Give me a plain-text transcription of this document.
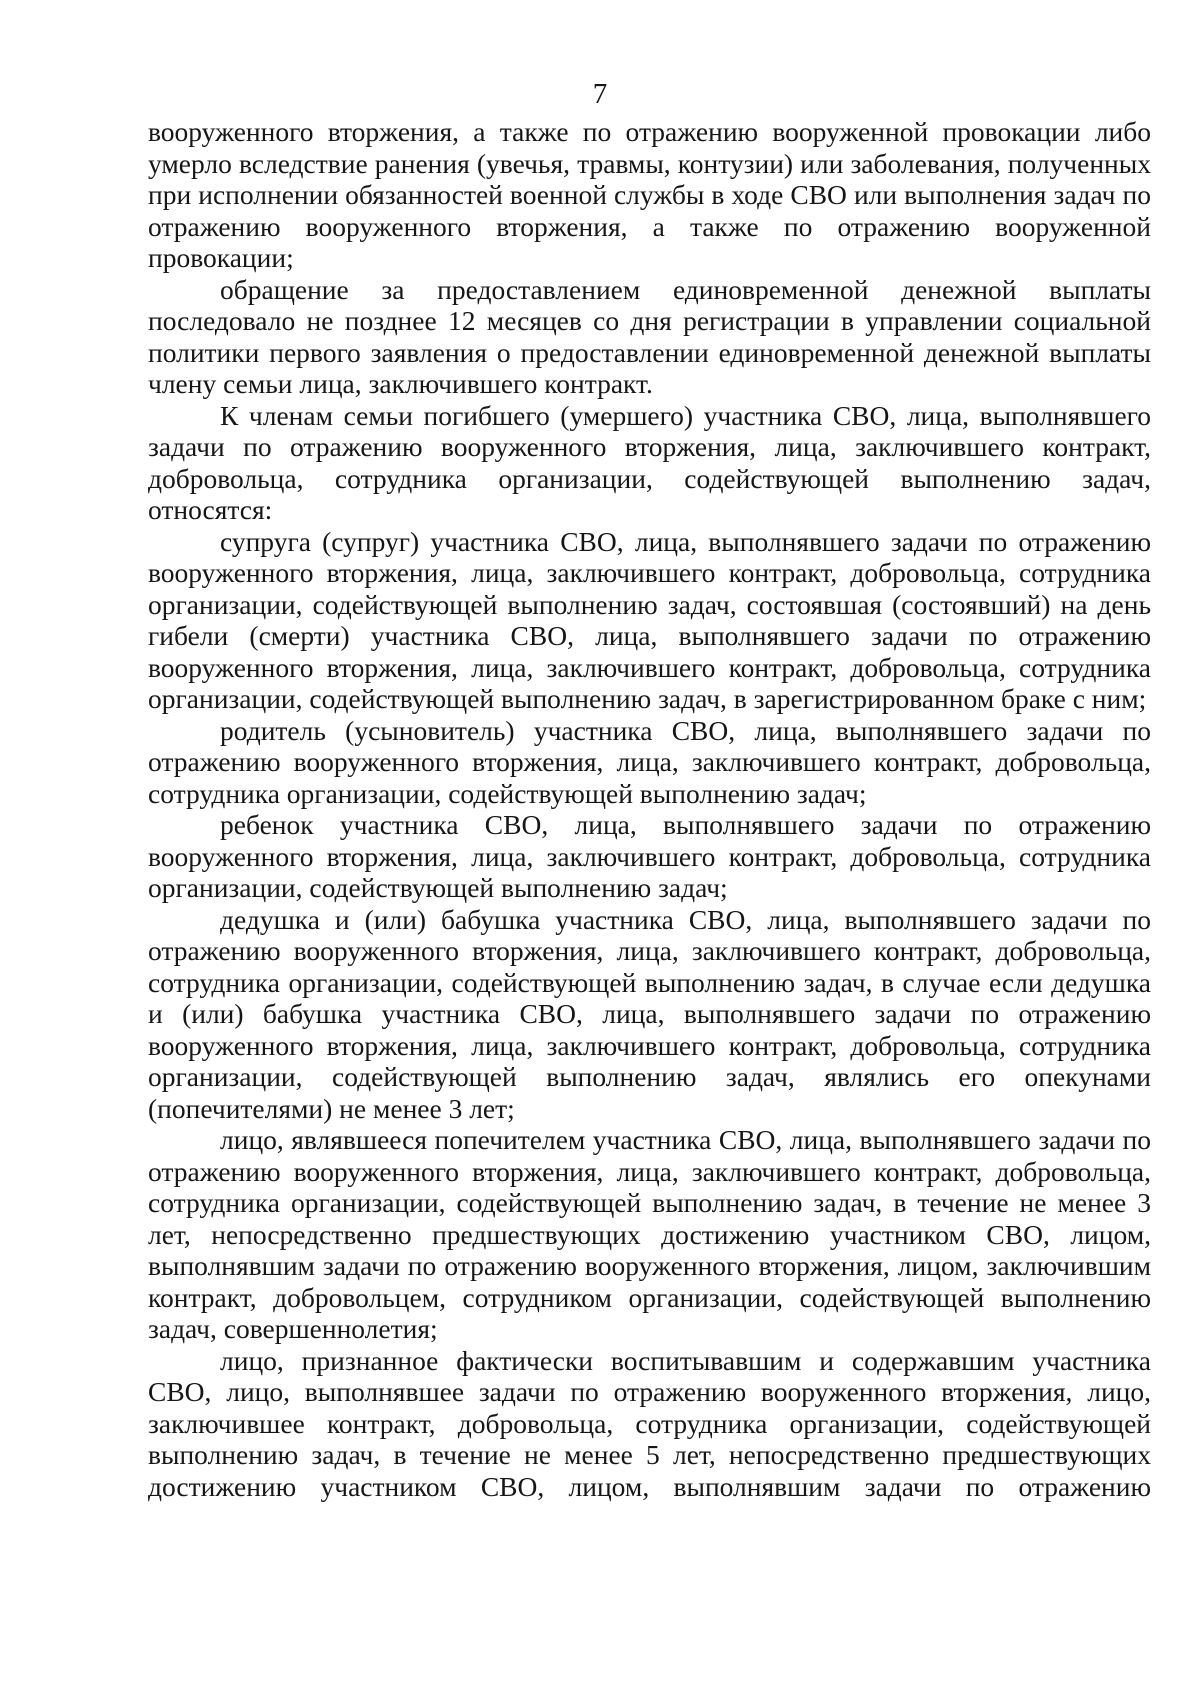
7

вооруженного вторжения, а также по отражению вооруженной провокации либо умерло вследствие ранения (увечья, травмы, контузии) или заболевания, полученных при исполнении обязанностей военной службы в ходе СВО или выполнения задач по отражению вооруженного вторжения, а также по отражению вооруженной провокации;

обращение за предоставлением единовременной денежной выплаты последовало не позднее 12 месяцев со дня регистрации в управлении социальной политики первого заявления о предоставлении единовременной денежной выплаты члену семьи лица, заключившего контракт.

К членам семьи погибшего (умершего) участника СВО, лица, выполнявшего задачи по отражению вооруженного вторжения, лица, заключившего контракт, добровольца, сотрудника организации, содействующей выполнению задач, относятся:

супруга (супруг) участника СВО, лица, выполнявшего задачи по отражению вооруженного вторжения, лица, заключившего контракт, добровольца, сотрудника организации, содействующей выполнению задач, состоявшая (состоявший) на день гибели (смерти) участника СВО, лица, выполнявшего задачи по отражению вооруженного вторжения, лица, заключившего контракт, добровольца, сотрудника организации, содействующей выполнению задач, в зарегистрированном браке с ним;

родитель (усыновитель) участника СВО, лица, выполнявшего задачи по отражению вооруженного вторжения, лица, заключившего контракт, добровольца, сотрудника организации, содействующей выполнению задач;

ребенок участника СВО, лица, выполнявшего задачи по отражению вооруженного вторжения, лица, заключившего контракт, добровольца, сотрудника организации, содействующей выполнению задач;

дедушка и (или) бабушка участника СВО, лица, выполнявшего задачи по отражению вооруженного вторжения, лица, заключившего контракт, добровольца, сотрудника организации, содействующей выполнению задач, в случае если дедушка и (или) бабушка участника СВО, лица, выполнявшего задачи по отражению вооруженного вторжения, лица, заключившего контракт, добровольца, сотрудника организации, содействующей выполнению задач, являлись его опекунами (попечителями) не менее 3 лет;

лицо, являвшееся попечителем участника СВО, лица, выполнявшего задачи по отражению вооруженного вторжения, лица, заключившего контракт, добровольца, сотрудника организации, содействующей выполнению задач, в течение не менее 3 лет, непосредственно предшествующих достижению участником СВО, лицом, выполнявшим задачи по отражению вооруженного вторжения, лицом, заключившим контракт, добровольцем, сотрудником организации, содействующей выполнению задач, совершеннолетия;

лицо, признанное фактически воспитывавшим и содержавшим участника СВО, лицо, выполнявшее задачи по отражению вооруженного вторжения, лицо, заключившее контракт, добровольца, сотрудника организации, содействующей выполнению задач, в течение не менее 5 лет, непосредственно предшествующих достижению участником СВО, лицом, выполнявшим задачи по отражению
